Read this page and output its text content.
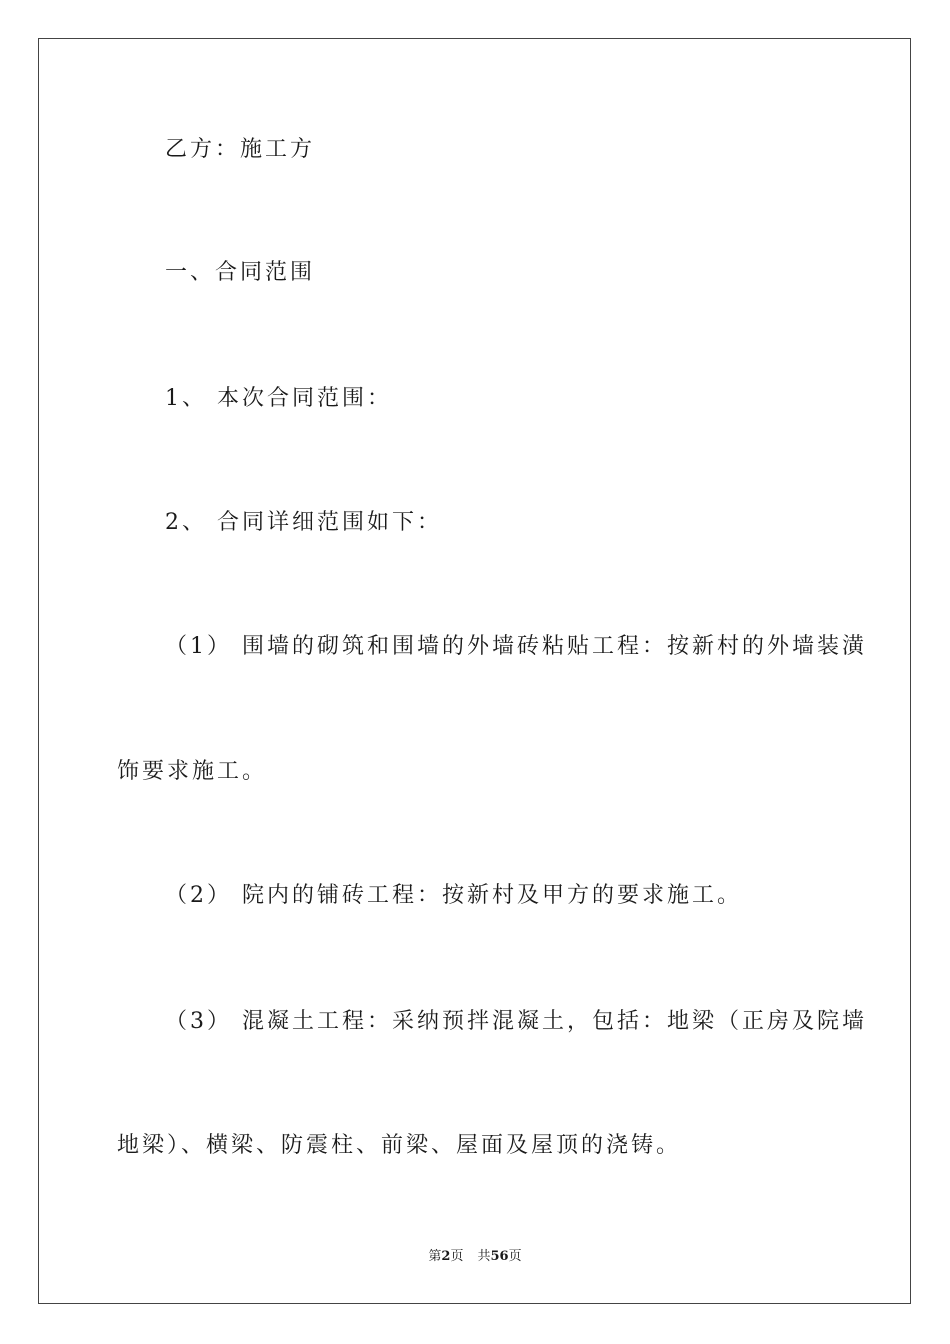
乙方：施工方
一、合同范围
1、 本次合同范围：
2、 合同详细范围如下：
（1） 围墙的砌筑和围墙的外墙砖粘贴工程：按新村的外墙装潢
饰要求施工。
（2） 院内的铺砖工程：按新村及甲方的要求施工。
（3） 混凝土工程：采纳预拌混凝土，包括：地梁（正房及院墙
地梁）、横梁、防震柱、前梁、屋面及屋顶的浇铸。
第2页 共56页
